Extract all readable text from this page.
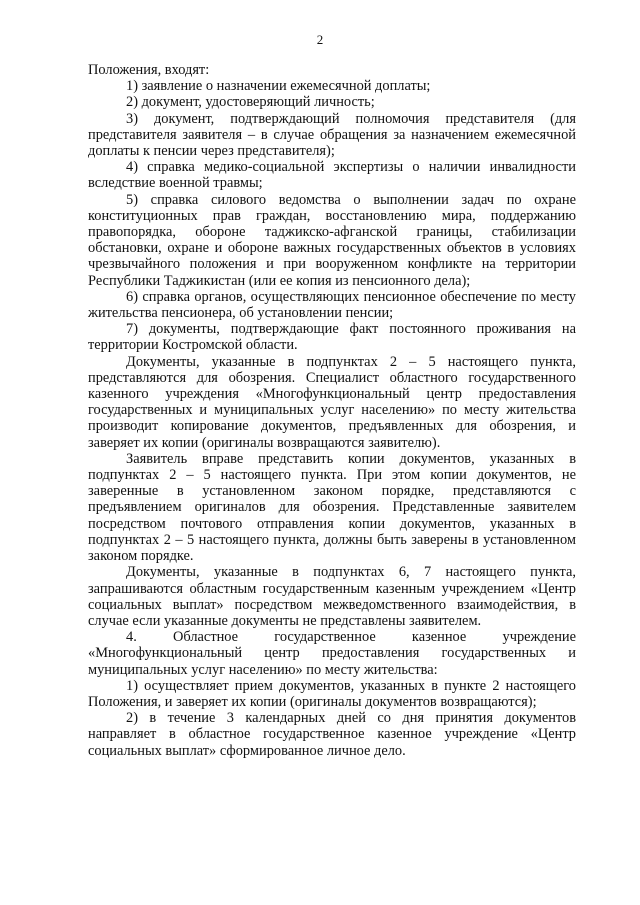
2

Положения, входят:

1) заявление о назначении ежемесячной доплаты;

2) документ, удостоверяющий личность;

3) документ, подтверждающий полномочия представителя (для представителя заявителя – в случае обращения за назначением ежемесячной доплаты к пенсии через представителя);

4) справка медико-социальной экспертизы о наличии инвалидности вследствие военной травмы;

5) справка силового ведомства о выполнении задач по охране конституционных прав граждан, восстановлению мира, поддержанию правопорядка, обороне таджикско-афганской границы, стабилизации обстановки, охране и обороне важных государственных объектов в условиях чрезвычайного положения и при вооруженном конфликте на территории Республики Таджикистан (или ее копия из пенсионного дела);

6) справка органов, осуществляющих пенсионное обеспечение по месту жительства пенсионера, об установлении пенсии;

7) документы, подтверждающие факт постоянного проживания на территории Костромской области.

Документы, указанные в подпунктах 2 – 5 настоящего пункта, представляются для обозрения. Специалист областного государственного казенного учреждения «Многофункциональный центр предоставления государственных и муниципальных услуг населению» по месту жительства производит копирование документов, предъявленных для обозрения, и заверяет их копии (оригиналы возвращаются заявителю).

Заявитель вправе представить копии документов, указанных в подпунктах 2 – 5 настоящего пункта. При этом копии документов, не заверенные в установленном законом порядке, представляются с предъявлением оригиналов для обозрения. Представленные заявителем посредством почтового отправления копии документов, указанных в подпунктах 2 – 5 настоящего пункта, должны быть заверены в установленном законом порядке.

Документы, указанные в подпунктах 6, 7 настоящего пункта, запрашиваются областным государственным казенным учреждением «Центр социальных выплат» посредством межведомственного взаимодействия, в случае если указанные документы не представлены заявителем.

4. Областное государственное казенное учреждение «Многофункциональный центр предоставления государственных и муниципальных услуг населению» по месту жительства:

1) осуществляет прием документов, указанных в пункте 2 настоящего Положения, и заверяет их копии (оригиналы документов возвращаются);

2) в течение 3 календарных дней со дня принятия документов направляет в областное государственное казенное учреждение «Центр социальных выплат» сформированное личное дело.
